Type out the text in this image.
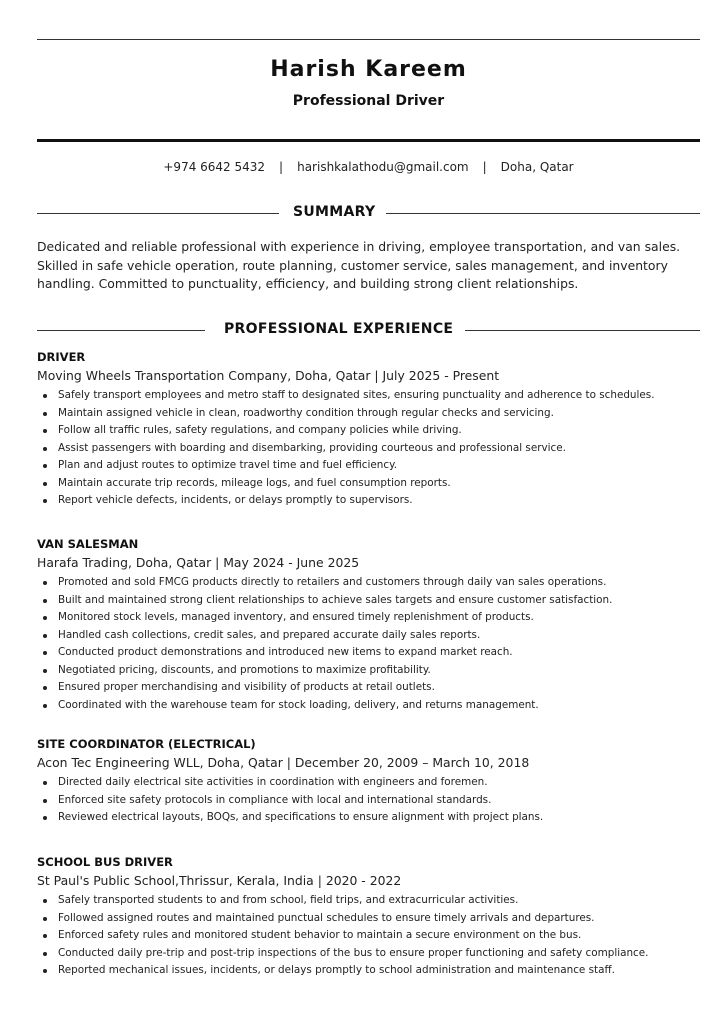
Harish Kareem
Professional Driver
+974 6642 5432 | harishkalathodu@gmail.com | Doha, Qatar
SUMMARY
Dedicated and reliable professional with experience in driving, employee transportation, and van sales. Skilled in safe vehicle operation, route planning, customer service, sales management, and inventory handling. Committed to punctuality, efficiency, and building strong client relationships.
PROFESSIONAL EXPERIENCE
DRIVER
Moving Wheels Transportation Company, Doha, Qatar | July 2025 - Present
Safely transport employees and metro staff to designated sites, ensuring punctuality and adherence to schedules.
Maintain assigned vehicle in clean, roadworthy condition through regular checks and servicing.
Follow all traffic rules, safety regulations, and company policies while driving.
Assist passengers with boarding and disembarking, providing courteous and professional service.
Plan and adjust routes to optimize travel time and fuel efficiency.
Maintain accurate trip records, mileage logs, and fuel consumption reports.
Report vehicle defects, incidents, or delays promptly to supervisors.
VAN SALESMAN
Harafa Trading, Doha, Qatar | May 2024 - June 2025
Promoted and sold FMCG products directly to retailers and customers through daily van sales operations.
Built and maintained strong client relationships to achieve sales targets and ensure customer satisfaction.
Monitored stock levels, managed inventory, and ensured timely replenishment of products.
Handled cash collections, credit sales, and prepared accurate daily sales reports.
Conducted product demonstrations and introduced new items to expand market reach.
Negotiated pricing, discounts, and promotions to maximize profitability.
Ensured proper merchandising and visibility of products at retail outlets.
Coordinated with the warehouse team for stock loading, delivery, and returns management.
SITE COORDINATOR (ELECTRICAL)
Acon Tec Engineering WLL, Doha, Qatar | December 20, 2009 – March 10, 2018
Directed daily electrical site activities in coordination with engineers and foremen.
Enforced site safety protocols in compliance with local and international standards.
Reviewed electrical layouts, BOQs, and specifications to ensure alignment with project plans.
SCHOOL BUS DRIVER
St Paul's Public School,Thrissur, Kerala, India | 2020 - 2022
Safely transported students to and from school, field trips, and extracurricular activities.
Followed assigned routes and maintained punctual schedules to ensure timely arrivals and departures.
Enforced safety rules and monitored student behavior to maintain a secure environment on the bus.
Conducted daily pre-trip and post-trip inspections of the bus to ensure proper functioning and safety compliance.
Reported mechanical issues, incidents, or delays promptly to school administration and maintenance staff.
